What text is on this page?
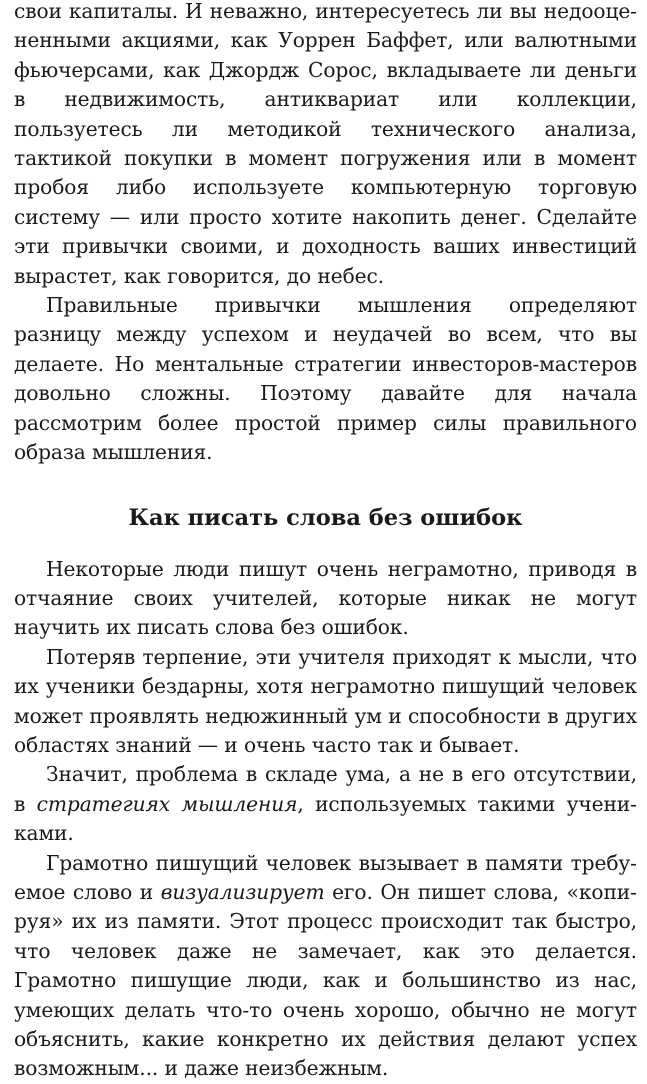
свои капиталы. И неважно, интересуетесь ли вы недооцененными акциями, как Уоррен Баффет, или валютными фьючерсами, как Джордж Сорос, вкладываете ли деньги в недвижимость, антиквариат или коллекции, пользуетесь ли методикой технического анализа, тактикой покупки в момент погружения или в момент пробоя либо используете компьютерную торговую систему — или просто хотите накопить денег. Сделайте эти привычки своими, и доходность ваших инвестиций вырастет, как говорится, до небес.

Правильные привычки мышления определяют разницу между успехом и неудачей во всем, что вы делаете. Но ментальные стратегии инвесторов-мастеров довольно сложны. Поэтому давайте для начала рассмотрим более простой пример силы правильного образа мышления.

Как писать слова без ошибок

Некоторые люди пишут очень неграмотно, приводя в отчаяние своих учителей, которые никак не могут научить их писать слова без ошибок.

Потеряв терпение, эти учителя приходят к мысли, что их ученики бездарны, хотя неграмотно пишущий человек может проявлять недюжинный ум и способности в других областях знаний — и очень часто так и бывает.

Значит, проблема в складе ума, а не в его отсутствии, в стратегиях мышления, используемых такими учениками.

Грамотно пишущий человек вызывает в памяти требуемое слово и визуализирует его. Он пишет слова, «копируя» их из памяти. Этот процесс происходит так быстро, что человек даже не замечает, как это делается. Грамотно пишущие люди, как и большинство из нас, умеющих делать что-то очень хорошо, обычно не могут объяснить, какие конкретно их действия делают успех возможным... и даже неизбежным.
